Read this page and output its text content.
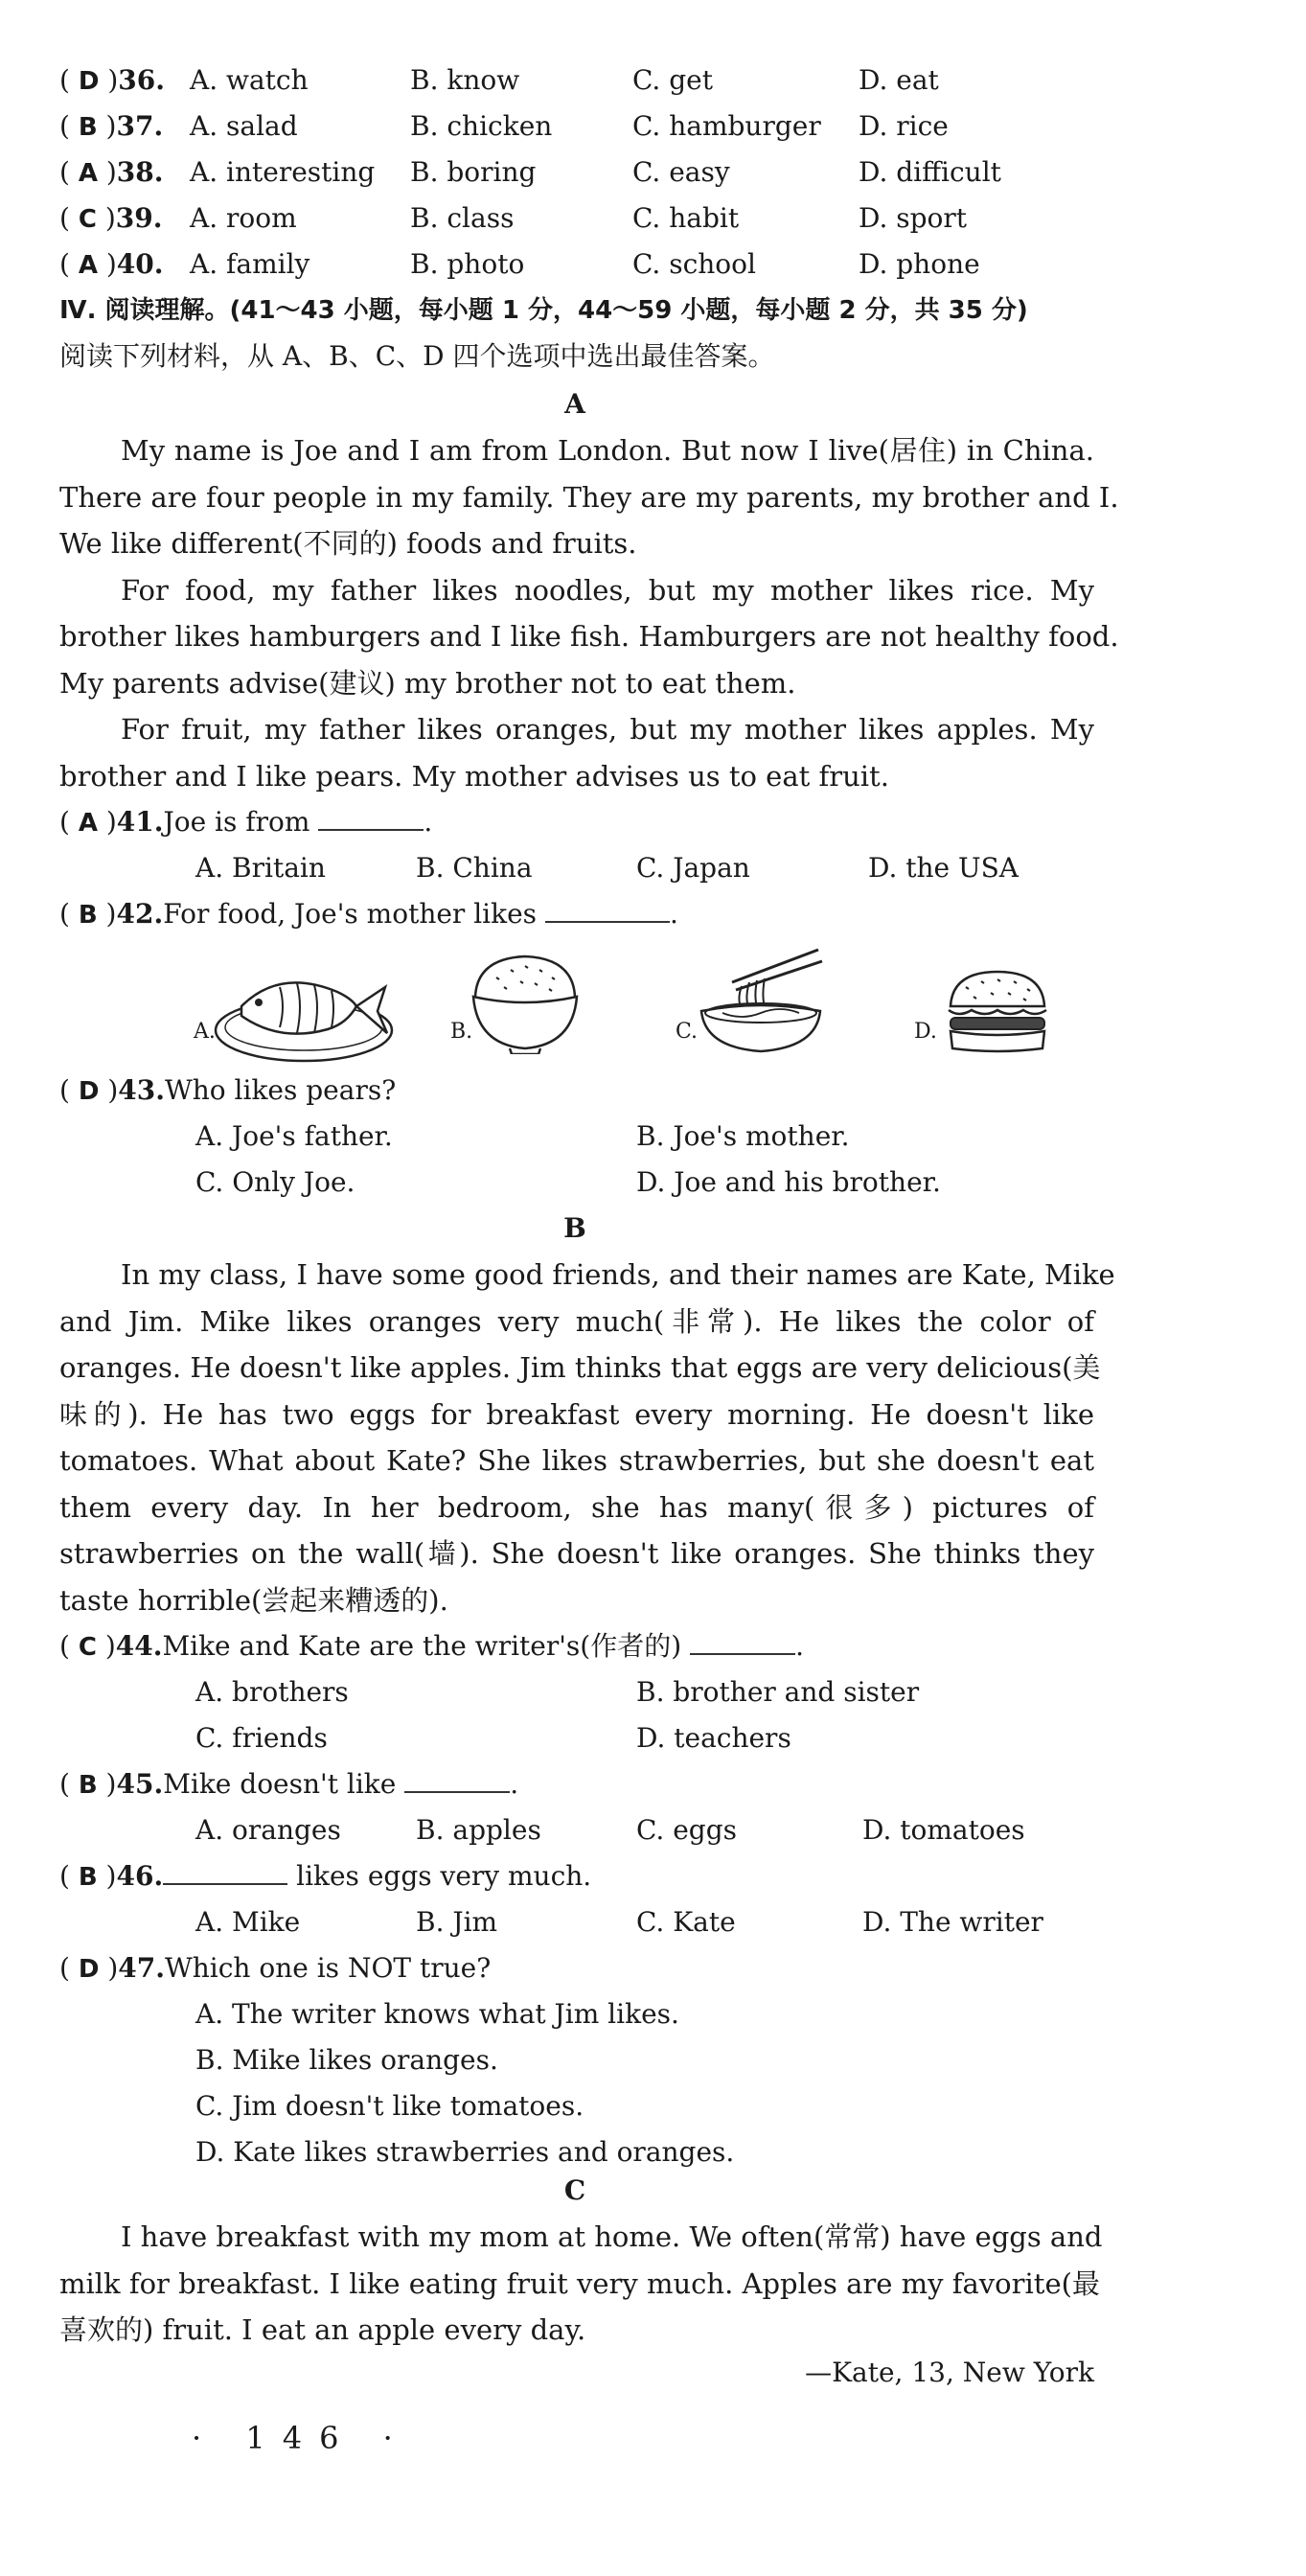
( D )36. A. watch	B. know	C. get	D. eat
( B )37. A. salad	B. chicken	C. hamburger D. rice
( A )38. A. interesting B. boring	C. easy	D. difficult
( C )39. A. room	B. class	C. habit	D. sport
( A )40. A. family	B. photo	C. school	D. phone
Ⅳ. 阅读理解。(41～43 小题，每小题 1 分，44～59 小题，每小题 2 分，共 35 分)
阅读下列材料，从 A、B、C、D 四个选项中选出最佳答案。
A
My name is Joe and I am from London. But now I live(居住) in China.
There are four people in my family. They are my parents, my brother and I.
We like different(不同的) foods and fruits.
For food, my father likes noodles, but my mother likes rice. My
brother likes hamburgers and I like fish. Hamburgers are not healthy food.
My parents advise(建议) my brother not to eat them.
For fruit, my father likes oranges, but my mother likes apples. My
brother and I like pears. My mother advises us to eat fruit.
( A )41.Joe is from	.
A. Britain	B. China	C. Japan	D. the USA
( B )42.For food, Joe's mother likes	.
A.	B.	C.	D.
( D )43.Who likes pears?
A. Joe's father.	B. Joe's mother.
C. Only Joe.	D. Joe and his brother.
B
In my class, I have some good friends, and their names are Kate, Mike
and Jim. Mike likes oranges very much(非常). He likes the color of
oranges. He doesn't like apples. Jim thinks that eggs are very delicious(美
味的). He has two eggs for breakfast every morning. He doesn't like
tomatoes. What about Kate? She likes strawberries, but she doesn't eat
them every day. In her bedroom, she has many(很多) pictures of
strawberries on the wall(墙). She doesn't like oranges. She thinks they
taste horrible(尝起来糟透的).
( C )44.Mike and Kate are the writer's(作者的)	.
A. brothers	B. brother and sister
C. friends	D. teachers
( B )45.Mike doesn't like	.
A. oranges	B. apples	C. eggs	D. tomatoes
( B )46.	likes eggs very much.
A. Mike	B. Jim	C. Kate	D. The writer
( D )47.Which one is NOT true?
A. The writer knows what Jim likes.
B. Mike likes oranges.
C. Jim doesn't like tomatoes.
D. Kate likes strawberries and oranges.
C
I have breakfast with my mom at home. We often(常常) have eggs and
milk for breakfast. I like eating fruit very much. Apples are my favorite(最
喜欢的) fruit. I eat an apple every day.
—Kate, 13, New York
· 146 ·
